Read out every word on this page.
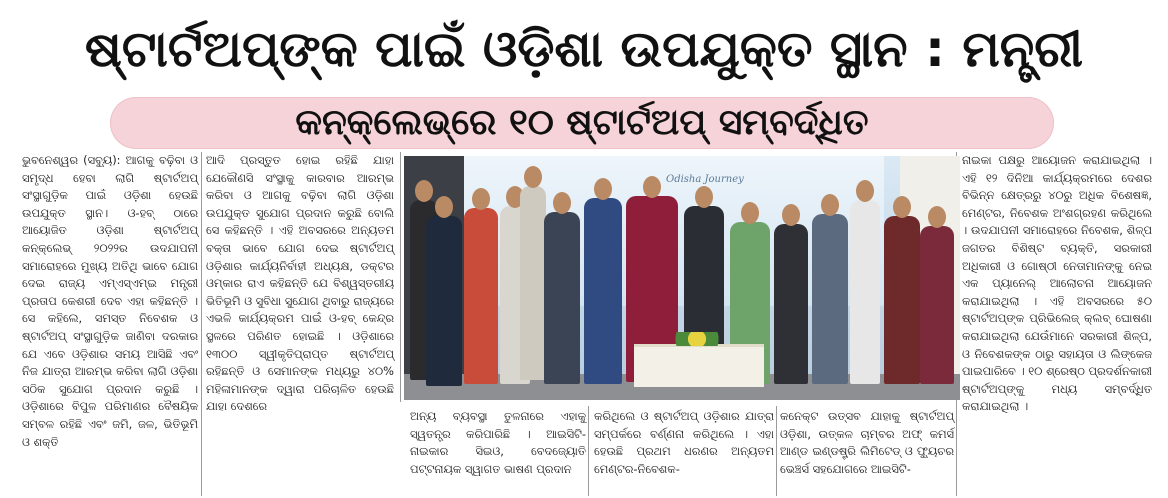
ଷ୍ଟାର୍ଟଅପ୍‌ଙ୍କ ପାଇଁ ଓଡ଼ିଶା ଉପଯୁକ୍ତ ସ୍ଥାନ : ମନ୍ତ୍ରୀ
କନ୍‌କ୍ଲେଭ୍‌ରେ ୧୦ ଷ୍ଟାର୍ଟଅପ୍ ସମ୍ବର୍ଦ୍ଧିତ

ଭୁବନେଶ୍ୱର (ସବ୍ୟୁ): ଆଗକୁ ବଢ଼ିବା ଓ ସମୃଦ୍ଧ ହେବା ଲାଗି ଷ୍ଟାର୍ଟଅପ୍ ସଂସ୍ଥାଗୁଡ଼ିକ ପାଇଁ ଓଡ଼ିଶା ହେଉଛି ଉପଯୁକ୍ତ ସ୍ଥାନ। ଓ-ହବ୍ ଠାରେ ଆୟୋଜିତ ଓଡ଼ିଶା ଷ୍ଟାର୍ଟଅପ୍ କନ୍‌କ୍ଲେଭ୍ ୨୦୨୨ର ଉଦଯାପନୀ ସମାରୋହରେ ମୁଖ୍ୟ ଅତିଥି ଭାବେ ଯୋଗ ଦେଇ ରାଜ୍ୟ ଏମ୍‌ଏସ୍‌ଏମ୍‌ଇ ମନ୍ତ୍ରୀ ପ୍ରତାପ କେଶରୀ ଦେବ ଏହା କହିଛନ୍ତି । ସେ କହିଲେ, ସମସ୍ତ ନିବେଶକ ଓ ଷ୍ଟାର୍ଟଅପ୍ ସଂସ୍ଥାଗୁଡ଼ିକ ଜାଣିବା ଦରକାର ଯେ ଏବେ ଓଡ଼ିଶାର ସମୟ ଆସିଛି ଏବଂ ନିଜ ଯାତ୍ରା ଆରମ୍ଭ କରିବା ଲାଗି ଓଡ଼ିଶା ସଠିକ ସୁଯୋଗ ପ୍ରଦାନ କରୁଛି । ଓଡ଼ିଶାରେ ବିପୁଳ ପରିମାଣର ବୈଷୟିକ ସମ୍ବଳ ରହିଛି ଏବଂ ଜମି, ଜଳ, ଭିତିଭୂମି ଓ ଶକ୍ତି

ଆଦି ପ୍ରସ୍ତୁତ ହୋଇ ରହିଛି ଯାହା ଯେକୌଣସି ସଂସ୍ଥାକୁ କାରବାର ଆରମ୍ଭ କରିବା ଓ ଆଗକୁ ବଢ଼ିବା ଲାଗି ଓଡ଼ିଶା ଉପଯୁକ୍ତ ସୁଯୋଗ ପ୍ରଦାନ କରୁଛି ବୋଲି ସେ କହିଛନ୍ତି । ଏହି ଅବସରରେ ଅନ୍ୟତମ ବକ୍ତା ଭାବେ ଯୋଗ ଦେଇ ଷ୍ଟାର୍ଟଅପ୍ ଓଡ଼ିଶାର କାର୍ଯ୍ୟନିର୍ବାହୀ ଅଧ୍ୟକ୍ଷ, ଡକ୍ଟର ଓମ୍‌କାର ରାଏ କହିଛନ୍ତି ଯେ ବିଶ୍ୱସ୍ତରୀୟ ଭିତିଭୂମି ଓ ସୁବିଧା ସୁଯୋଗ ଥିବାରୁ ରାଜ୍ୟରେ ଏଭଳି କାର୍ଯ୍ୟକ୍ରମ ପାଇଁ ଓ-ହବ୍ କେନ୍ଦ୍ର ସ୍ଥଳରେ ପରିଣତ ହୋଇଛି । ଓଡ଼ିଶାରେ ୧୩୦୦ ସ୍ୱୀକୃତିପ୍ରାପ୍ତ ଷ୍ଟାର୍ଟଅପ୍ ରହିଛନ୍ତି ଓ ସେମାନଙ୍କ ମଧ୍ୟରୁ ୪୦% ମହିଳାମାନଙ୍କ ଦ୍ୱାରା ପରିଚାଳିତ ହେଉଛି ଯାହା ଦେଶରେ

Odisha Journey

ଅନ୍ୟ ବ୍ୟବସ୍ଥା ତୁଳନାରେ ଏହାକୁ ସ୍ୱତନ୍ତ୍ର କରିପାରିଛି । ଆଇସିଟି-ନାଇକାର ସିଇଓ, ବେଦଜ୍ୟୋତି ପଟ୍ଟନାୟକ ସ୍ୱାଗତ ଭାଷଣ ପ୍ରଦାନ

କରିଥିଲେ ଓ ଷ୍ଟାର୍ଟଅପ୍ ଓଡ଼ିଶାର ଯାତ୍ରା ସମ୍ପର୍କରେ ବର୍ଣ୍ଣନା କରିଥିଲେ । ଏହା ହେଉଛି ପ୍ରଥମ ଧରଣର ଅନ୍ୟତମ ମେଣ୍ଟର-ନିବେଶକ-

କନେକ୍ଟ ଉତ୍ସବ ଯାହାକୁ ଷ୍ଟାର୍ଟଅପ୍ ଓଡ଼ିଶା, ଉତ୍କଳ ଚାମ୍ବର ଅଫ୍ କମର୍ସ ଆଣ୍ଡ ଇଣ୍ଡଷ୍ଟ୍ରି ଲିମିଟେଡ୍ ଓ ଫ୍ୟୁଚର ଭେଞ୍ଚର୍ସ ସହଯୋଗରେ ଆଇସିଟି-

ନାଇକା ପକ୍ଷରୁ ଆୟୋଜନ କରାଯାଇଥିଲା । ଏହି ୧୨ ଦିନିଆ କାର୍ଯ୍ୟକ୍ରମରେ ଦେଶର ବିଭିନ୍ନ କ୍ଷେତ୍ରରୁ ୪୦ରୁ ଅଧିକ ବିଶେଷଜ୍ଞ, ମେଣ୍ଟର, ନିବେଶକ ଅଂଶଗ୍ରହଣ କରିଥିଲେ । ଉଦଯାପନୀ ସମାରୋହରେ ନିବେଶକ, ଶିଳ୍ପ ଜଗତର ବିଶିଷ୍ଟ ବ୍ୟକ୍ତି, ସରକାରୀ ଅଧିକାରୀ ଓ ଗୋଷ୍ଠୀ ନେତାମାନଙ୍କୁ ନେଇ ଏକ ପ୍ୟାନେଲ୍ ଆଲୋଚନା ଆୟୋଜନ କରାଯାଇଥିଲା । ଏହି ଅବସରରେ ୫୦ ଷ୍ଟାର୍ଟଅପ୍‌ଙ୍କ ପ୍ରିଭିଲେଜ୍ କ୍ଲବ୍ ଘୋଷଣା କରାଯାଇଥିଲା ଯେଉଁମାନେ ସରକାରୀ ଶିଳ୍ପ, ଓ ନିବେଶକଙ୍କ ଠାରୁ ସହାୟତା ଓ ଲିଙ୍କେଜ ପାଇପାରିବେ । ୧୦ ଶ୍ରେଷ୍ଠ ପ୍ରଦର୍ଶନକାରୀ ଷ୍ଟାର୍ଟଅପ୍‌ଙ୍କୁ ମଧ୍ୟ ସମ୍ବର୍ଦ୍ଧିତ କରାଯାଇଥିଲା ।
